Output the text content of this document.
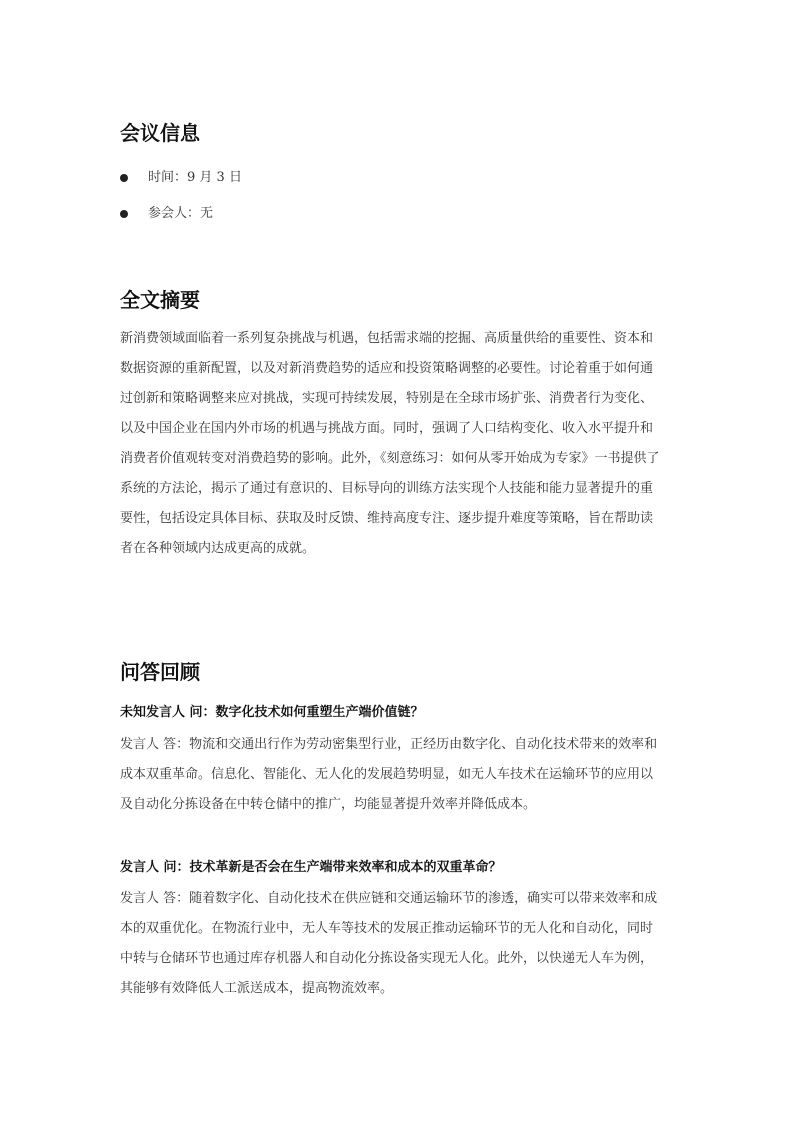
会议信息
时间：9 月 3 日
参会人：无
全文摘要
新消费领域面临着一系列复杂挑战与机遇，包括需求端的挖掘、高质量供给的重要性、资本和
数据资源的重新配置，以及对新消费趋势的适应和投资策略调整的必要性。讨论着重于如何通
过创新和策略调整来应对挑战，实现可持续发展，特别是在全球市场扩张、消费者行为变化、
以及中国企业在国内外市场的机遇与挑战方面。同时，强调了人口结构变化、收入水平提升和
消费者价值观转变对消费趋势的影响。此外，《刻意练习：如何从零开始成为专家》一书提供了
系统的方法论，揭示了通过有意识的、目标导向的训练方法实现个人技能和能力显著提升的重
要性，包括设定具体目标、获取及时反馈、维持高度专注、逐步提升难度等策略，旨在帮助读
者在各种领域内达成更高的成就。
问答回顾

未知发言人 问：数字化技术如何重塑生产端价值链？

发言人 答：物流和交通出行作为劳动密集型行业，正经历由数字化、自动化技术带来的效率和
成本双重革命。信息化、智能化、无人化的发展趋势明显，如无人车技术在运输环节的应用以
及自动化分拣设备在中转仓储中的推广，均能显著提升效率并降低成本。

发言人 问：技术革新是否会在生产端带来效率和成本的双重革命？

发言人 答：随着数字化、自动化技术在供应链和交通运输环节的渗透，确实可以带来效率和成
本的双重优化。在物流行业中，无人车等技术的发展正推动运输环节的无人化和自动化，同时
中转与仓储环节也通过库存机器人和自动化分拣设备实现无人化。此外，以快递无人车为例，
其能够有效降低人工派送成本，提高物流效率。
